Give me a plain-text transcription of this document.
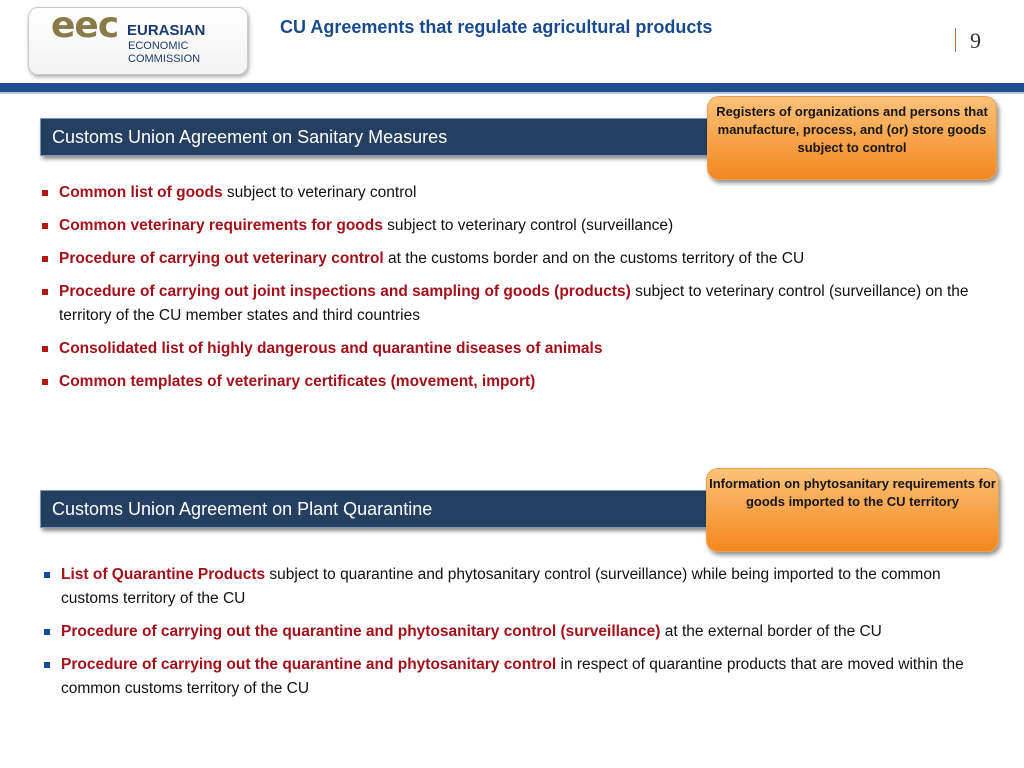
eec EURASIAN
ECONOMIC
COMMISSION
CU Agreements that regulate agricultural products
9
Customs Union Agreement on Sanitary Measures
Registers of organizations and persons that manufacture, process, and (or) store goods subject to control
Common list of goods subject to veterinary control
Common veterinary requirements for goods subject to veterinary control (surveillance)
Procedure of carrying out veterinary control at the customs border and on the customs territory of the CU
Procedure of carrying out joint inspections and sampling of goods (products) subject to veterinary control (surveillance) on the territory of the CU member states and third countries
Consolidated list of highly dangerous and quarantine diseases of animals
Common templates of veterinary certificates (movement, import)
Customs Union Agreement on Plant Quarantine
Information on phytosanitary requirements for goods imported to the CU territory
List of Quarantine Products subject to quarantine and phytosanitary control (surveillance) while being imported to the common customs territory of the CU
Procedure of carrying out the quarantine and phytosanitary control (surveillance) at the external border of the CU
Procedure of carrying out the quarantine and phytosanitary control in respect of quarantine products that are moved within the common customs territory of the CU
